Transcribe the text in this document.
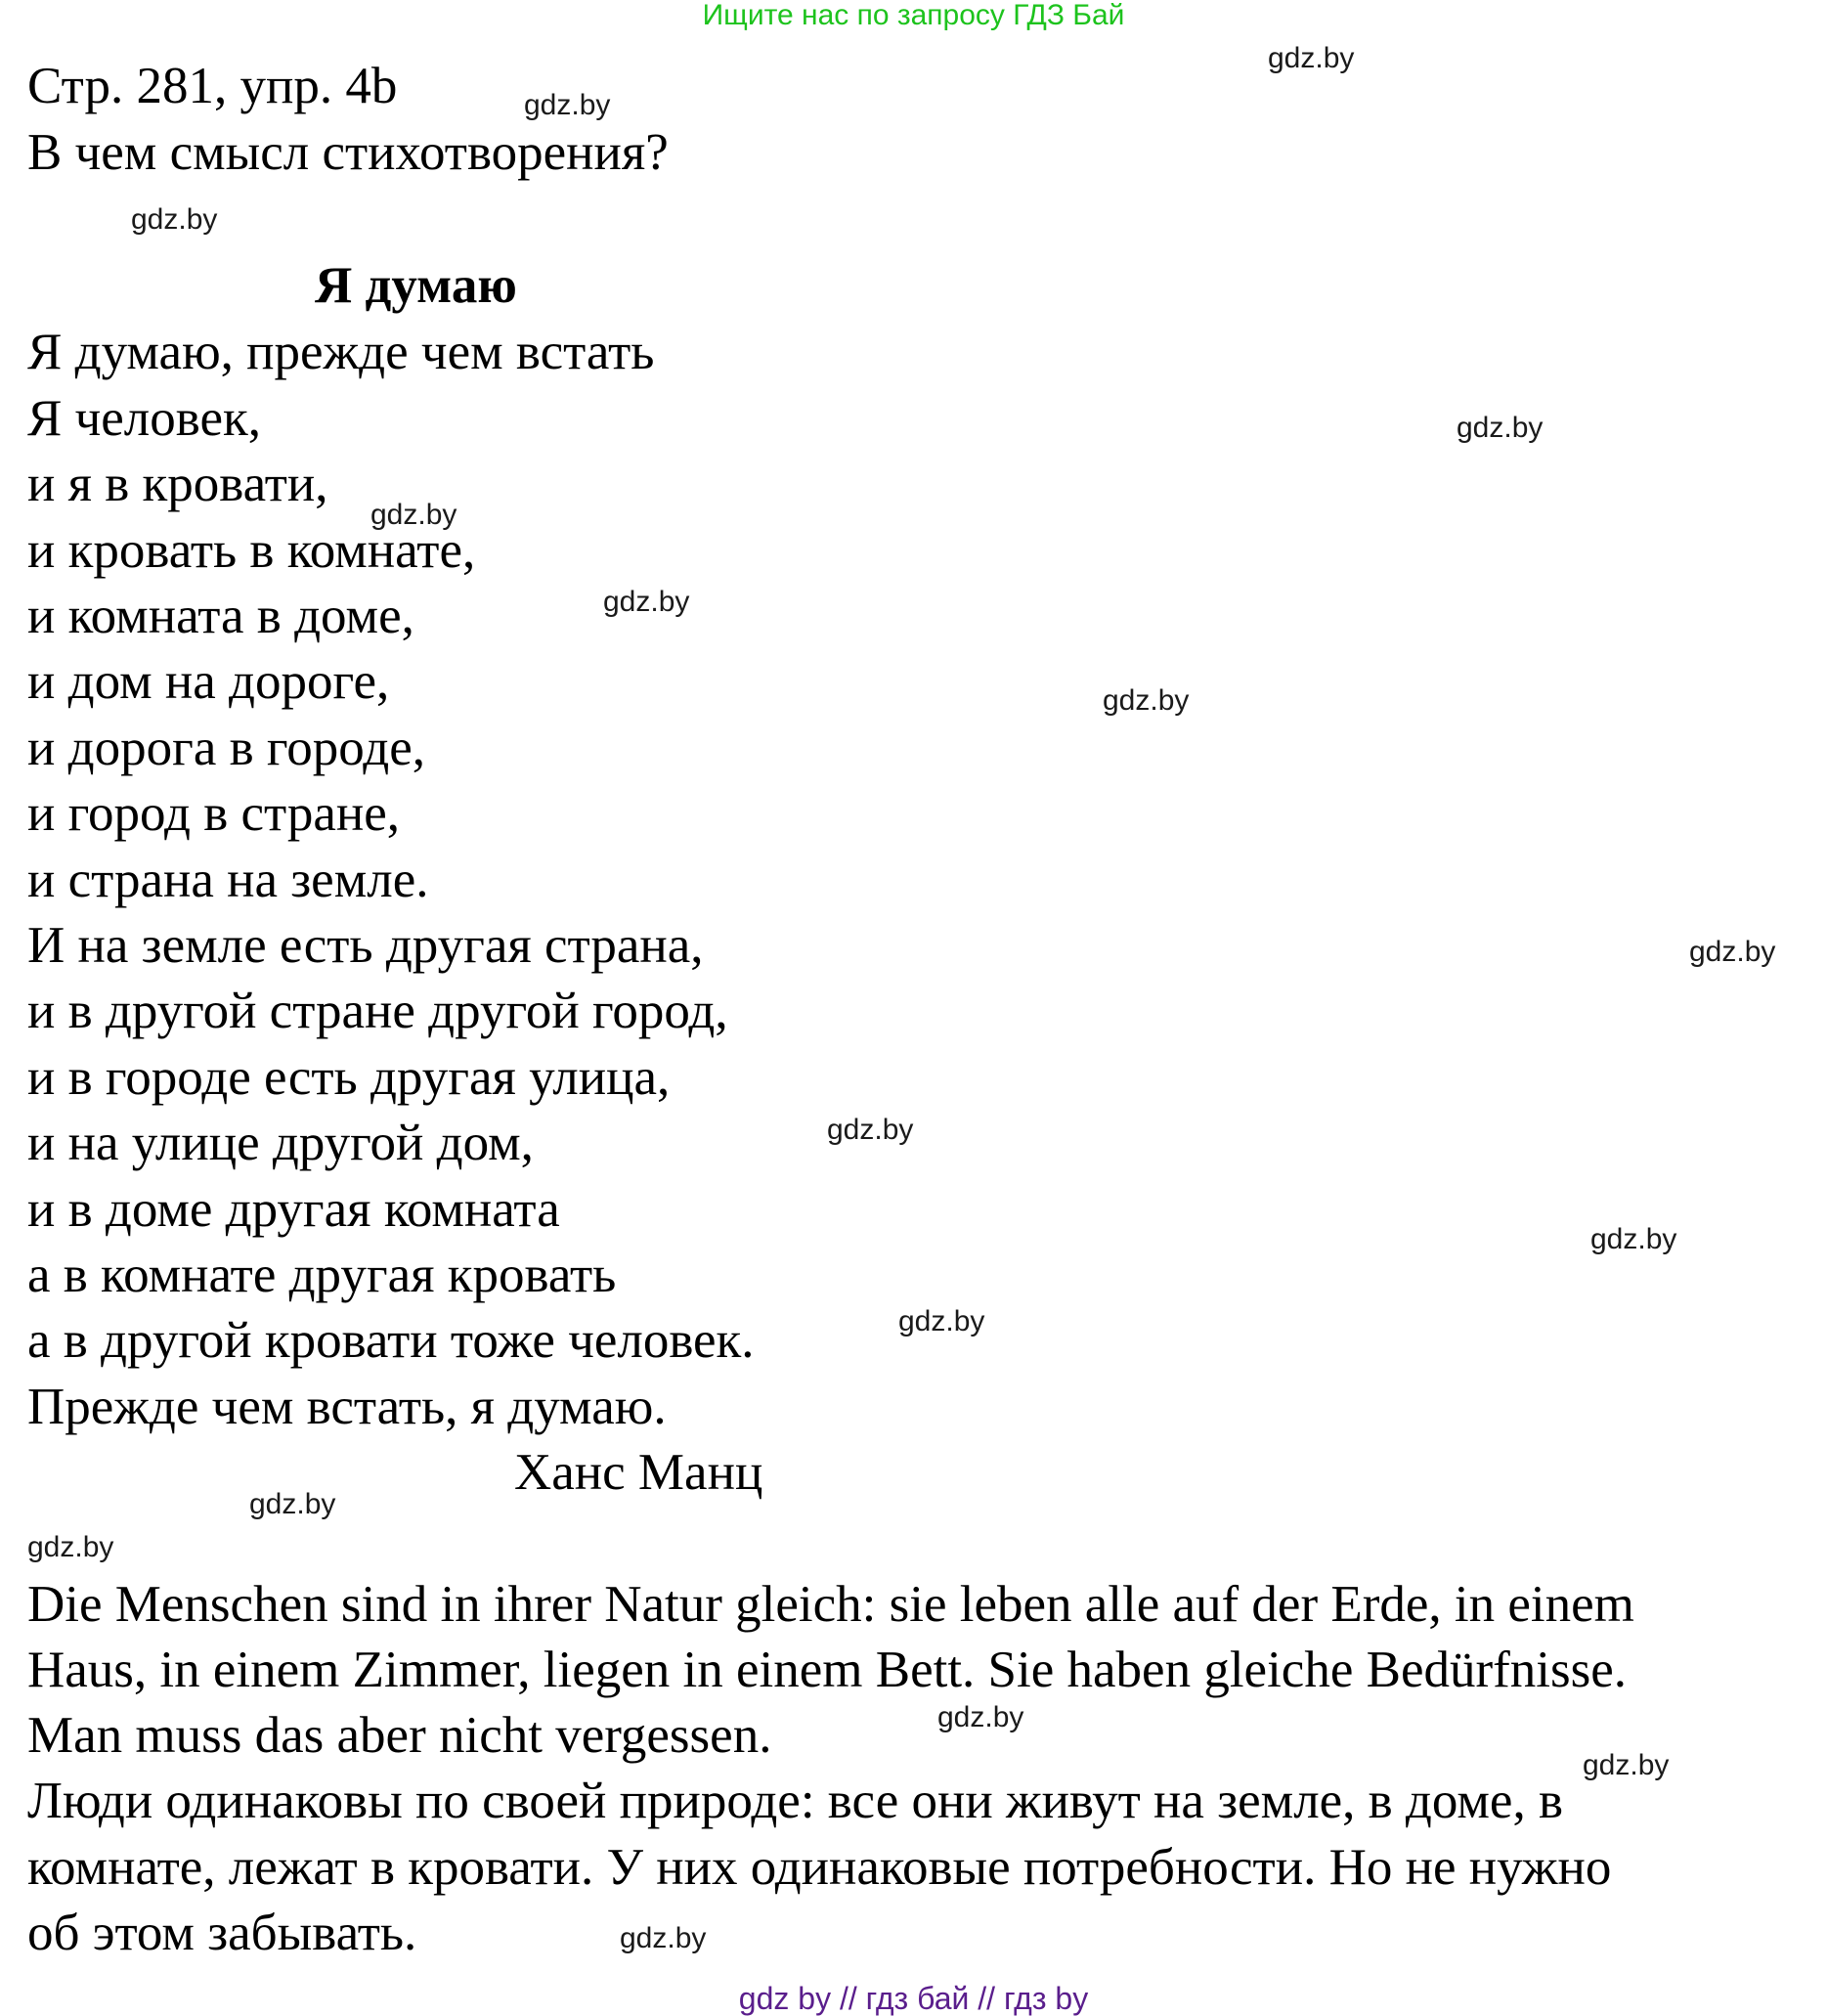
Ищите нас по запросу ГДЗ Бай
Стр. 281, упр. 4b
В чем смысл стихотворения?
Я думаю
Я думаю, прежде чем встать
Я человек,
и я в кровати,
и кровать в комнате,
и комната в доме,
и дом на дороге,
и дорога в городе,
и город в стране,
и страна на земле.
И на земле есть другая страна,
и в другой стране другой город,
и в городе есть другая улица,
и на улице другой дом,
и в доме другая комната
а в комнате другая кровать
а в другой кровати тоже человек.
Прежде чем встать, я думаю.
Ханс Манц
Die Menschen sind in ihrer Natur gleich: sie leben alle auf der Erde, in einem
Haus, in einem Zimmer, liegen in einem Bett. Sie haben gleiche Bedürfnisse.
Man muss das aber nicht vergessen.
Люди одинаковы по своей природе: все они живут на земле, в доме, в
комнате, лежат в кровати. У них одинаковые потребности. Но не нужно
об этом забывать.
gdz.by
gdz.by
gdz.by
gdz.by
gdz.by
gdz.by
gdz.by
gdz.by
gdz.by
gdz.by
gdz.by
gdz.by
gdz.by
gdz.by
gdz.by
gdz.by
gdz by // гдз бай // гдз by
